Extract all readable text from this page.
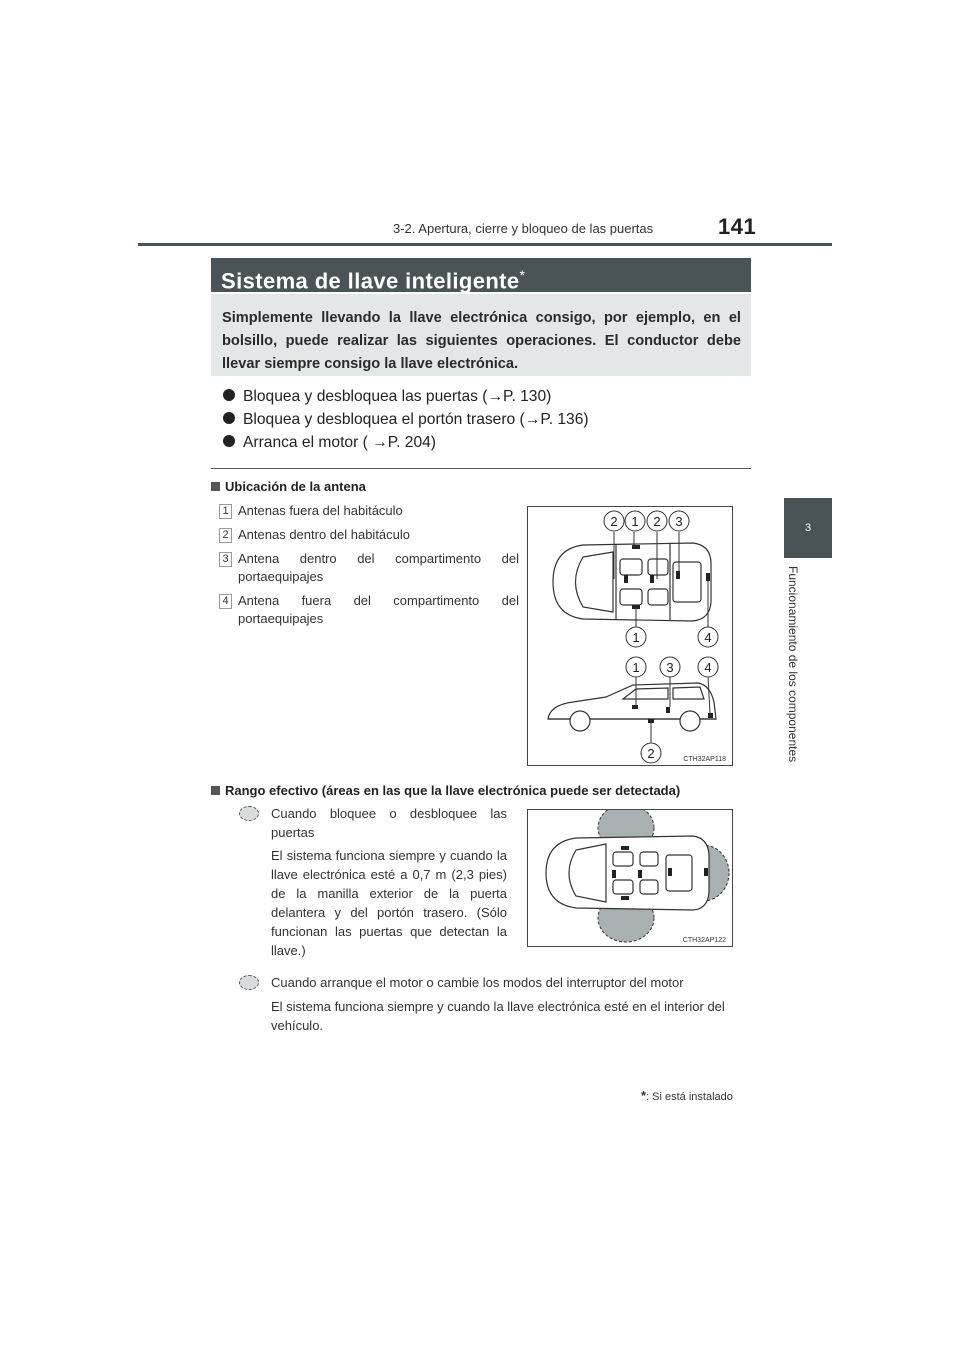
3-2. Apertura, cierre y bloqueo de las puertas	141
3
Funcionamiento de los componentes
Sistema de llave inteligente*
Simplemente llevando la llave electrónica consigo, por ejemplo, en el bolsillo, puede realizar las siguientes operaciones. El conductor debe llevar siempre consigo la llave electrónica.
Bloquea y desbloquea las puertas (→P. 130)
Bloquea y desbloquea el portón trasero (→P. 136)
Arranca el motor ( →P. 204)
Ubicación de la antena
1 Antenas fuera del habitáculo
2 Antenas dentro del habitáculo
3 Antena dentro del compartimento del portaequipajes
4 Antena fuera del compartimento del portaequipajes
2 1 2 3
1	4
1 3 4
2	CTH32AP118
Rango efectivo (áreas en las que la llave electrónica puede ser detectada)
Cuando bloquee o desbloquee las puertas
El sistema funciona siempre y cuando la llave electrónica esté a 0,7 m (2,3 pies) de la manilla exterior de la puerta delantera y del portón trasero. (Sólo funcionan las puertas que detectan la llave.)
CTH32AP122
Cuando arranque el motor o cambie los modos del interruptor del motor
El sistema funciona siempre y cuando la llave electrónica esté en el interior del vehículo.
*: Si está instalado
